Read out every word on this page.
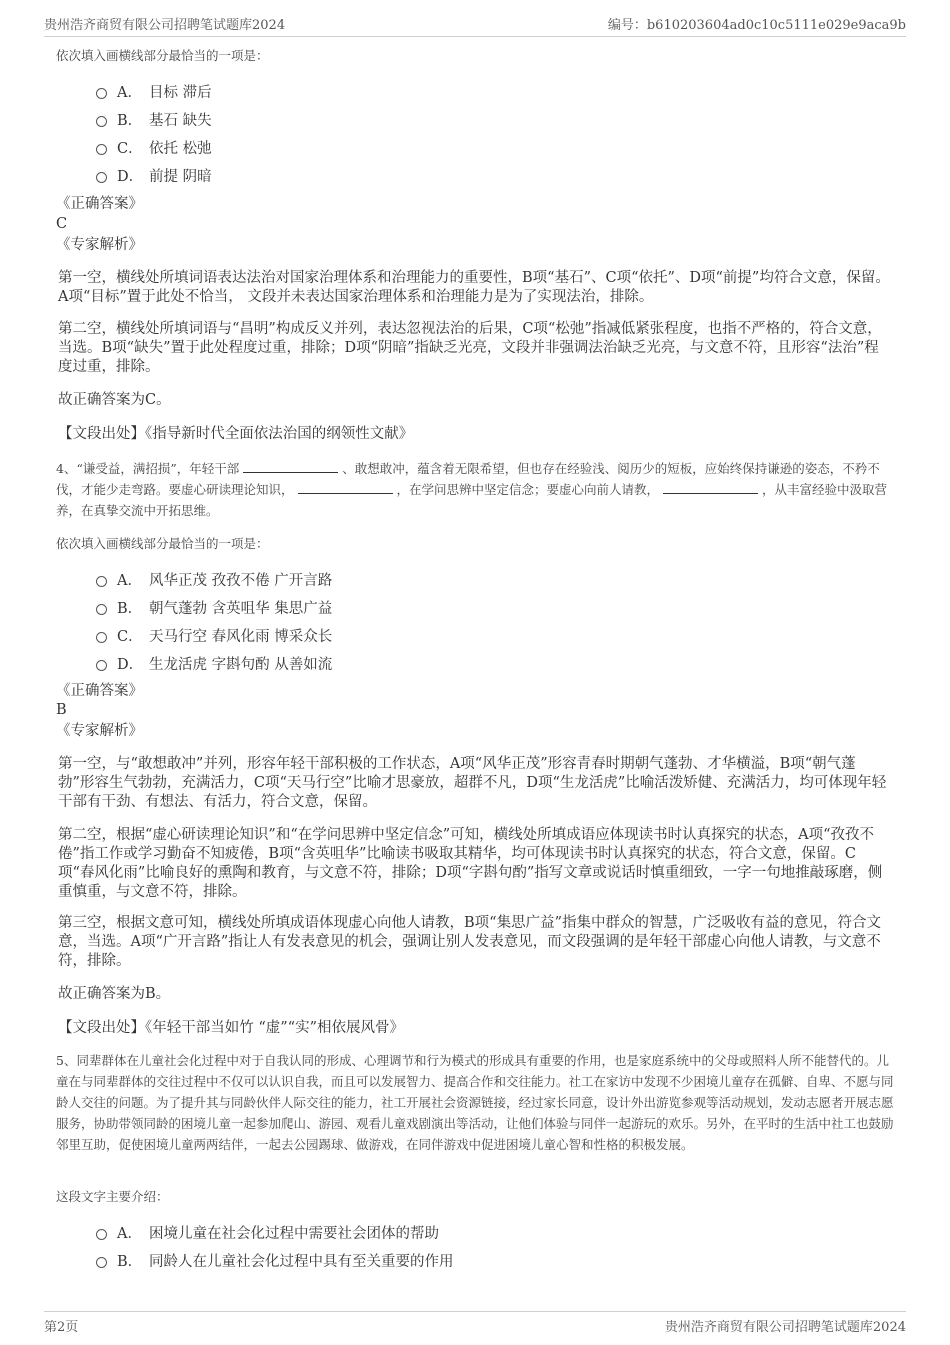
贵州浩齐商贸有限公司招聘笔试题库2024	编号：b610203604ad0c10c5111e029e9aca9b
依次填入画横线部分最恰当的一项是：
A． 目标 滞后
B． 基石 缺失
C． 依托 松弛
D． 前提 阴暗
《正确答案》
C
《专家解析》
第一空，横线处所填词语表达法治对国家治理体系和治理能力的重要性，B项“基石”、C项“依托”、D项“前提”均符合文意，保留。A项“目标”置于此处不恰当， 文段并未表达国家治理体系和治理能力是为了实现法治，排除。
第二空，横线处所填词语与“昌明”构成反义并列，表达忽视法治的后果，C项“松弛”指减低紧张程度，也指不严格的，符合文意，当选。B项“缺失”置于此处程度过重，排除；D项“阴暗”指缺乏光亮，文段并非强调法治缺乏光亮，与文意不符，且形容“法治”程度过重，排除。
故正确答案为C。
【文段出处】《指导新时代全面依法治国的纲领性文献》
4、“谦受益，满招损”，年轻干部	、敢想敢冲，蕴含着无限希望，但也存在经验浅、阅历少的短板，应始终保持谦逊的姿态，不矜不伐，才能少走弯路。要虚心研读理论知识，	，在学问思辨中坚定信念；要虚心向前人请教，	，从丰富经验中汲取营养，在真挚交流中开拓思维。
依次填入画横线部分最恰当的一项是：
A． 风华正茂 孜孜不倦 广开言路
B． 朝气蓬勃 含英咀华 集思广益
C． 天马行空 春风化雨 博采众长
D． 生龙活虎 字斟句酌 从善如流
《正确答案》
B
《专家解析》
第一空，与“敢想敢冲”并列，形容年轻干部积极的工作状态，A项“风华正茂”形容青春时期朝气蓬勃、才华横溢，B项“朝气蓬勃”形容生气勃勃，充满活力，C项“天马行空”比喻才思豪放，超群不凡，D项“生龙活虎”比喻活泼矫健、充满活力，均可体现年轻干部有干劲、有想法、有活力，符合文意，保留。
第二空，根据“虚心研读理论知识”和“在学问思辨中坚定信念”可知，横线处所填成语应体现读书时认真探究的状态，A项“孜孜不倦”指工作或学习勤奋不知疲倦，B项“含英咀华”比喻读书吸取其精华，均可体现读书时认真探究的状态，符合文意，保留。C项“春风化雨”比喻良好的熏陶和教育，与文意不符，排除；D项“字斟句酌”指写文章或说话时慎重细致，一字一句地推敲琢磨，侧重慎重，与文意不符，排除。
第三空，根据文意可知，横线处所填成语体现虚心向他人请教，B项“集思广益”指集中群众的智慧，广泛吸收有益的意见，符合文意，当选。A项“广开言路”指让人有发表意见的机会，强调让别人发表意见，而文段强调的是年轻干部虚心向他人请教，与文意不符，排除。
故正确答案为B。
【文段出处】《年轻干部当如竹 “虚”“实”相依展风骨》
5、同辈群体在儿童社会化过程中对于自我认同的形成、心理调节和行为模式的形成具有重要的作用，也是家庭系统中的父母或照料人所不能替代的。儿童在与同辈群体的交往过程中不仅可以认识自我，而且可以发展智力、提高合作和交往能力。社工在家访中发现不少困境儿童存在孤僻、自卑、不愿与同龄人交往的问题。为了提升其与同龄伙伴人际交往的能力，社工开展社会资源链接，经过家长同意，设计外出游览参观等活动规划，发动志愿者开展志愿服务，协助带领同龄的困境儿童一起参加爬山、游园、观看儿童戏剧演出等活动，让他们体验与同伴一起游玩的欢乐。另外，在平时的生活中社工也鼓励邻里互助，促使困境儿童两两结伴，一起去公园踢球、做游戏，在同伴游戏中促进困境儿童心智和性格的积极发展。
这段文字主要介绍：
A． 困境儿童在社会化过程中需要社会团体的帮助
B． 同龄人在儿童社会化过程中具有至关重要的作用
第2页	贵州浩齐商贸有限公司招聘笔试题库2024
